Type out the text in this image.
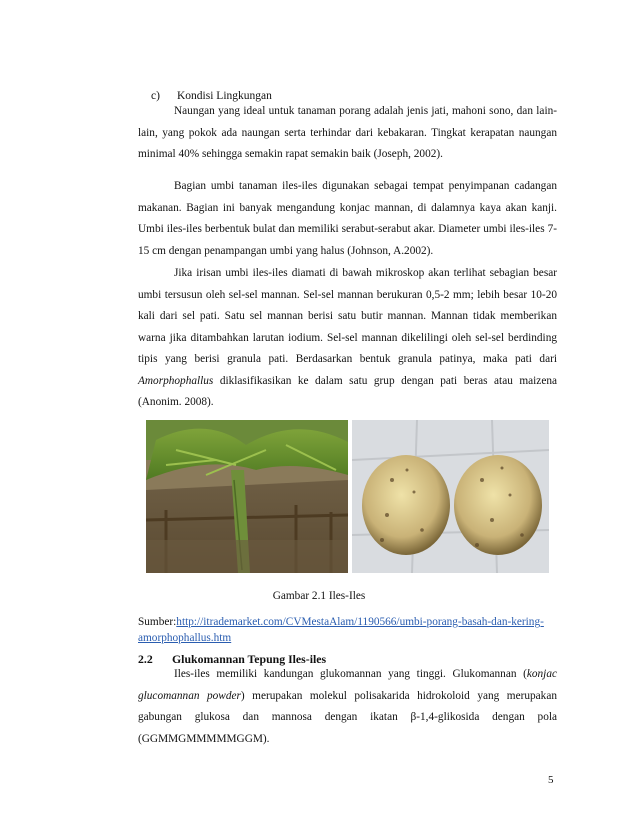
c) Kondisi Lingkungan
Naungan yang ideal untuk tanaman porang adalah jenis jati, mahoni sono, dan lain-lain, yang pokok ada naungan serta terhindar dari kebakaran. Tingkat kerapatan naungan minimal 40% sehingga semakin rapat semakin baik (Joseph, 2002).
Bagian umbi tanaman iles-iles digunakan sebagai tempat penyimpanan cadangan makanan. Bagian ini banyak mengandung konjac mannan, di dalamnya kaya akan kanji. Umbi iles-iles berbentuk bulat dan memiliki serabut-serabut akar. Diameter umbi iles-iles 7-15 cm dengan penampangan umbi yang halus (Johnson, A.2002).
Jika irisan umbi iles-iles diamati di bawah mikroskop akan terlihat sebagian besar umbi tersusun oleh sel-sel mannan. Sel-sel mannan berukuran 0,5-2 mm; lebih besar 10-20 kali dari sel pati. Satu sel mannan berisi satu butir mannan. Mannan tidak memberikan warna jika ditambahkan larutan iodium. Sel-sel mannan dikelilingi oleh sel-sel berdinding tipis yang berisi granula pati. Berdasarkan bentuk granula patinya, maka pati dari Amorphophallus diklasifikasikan ke dalam satu grup dengan pati beras atau maizena (Anonim. 2008).
Gambar 2.1 Iles-Iles
Sumber:http://itrademarket.com/CVMestaAlam/1190566/umbi-porang-basah-dan-kering-amorphophallus.htm
2.2 Glukomannan Tepung Iles-iles
Iles-iles memiliki kandungan glukomannan yang tinggi. Glukomannan (konjac glucomannan powder) merupakan molekul polisakarida hidrokoloid yang merupakan gabungan glukosa dan mannosa dengan ikatan β-1,4-glikosida dengan pola (GGMMGMMMMMGGM).
5
